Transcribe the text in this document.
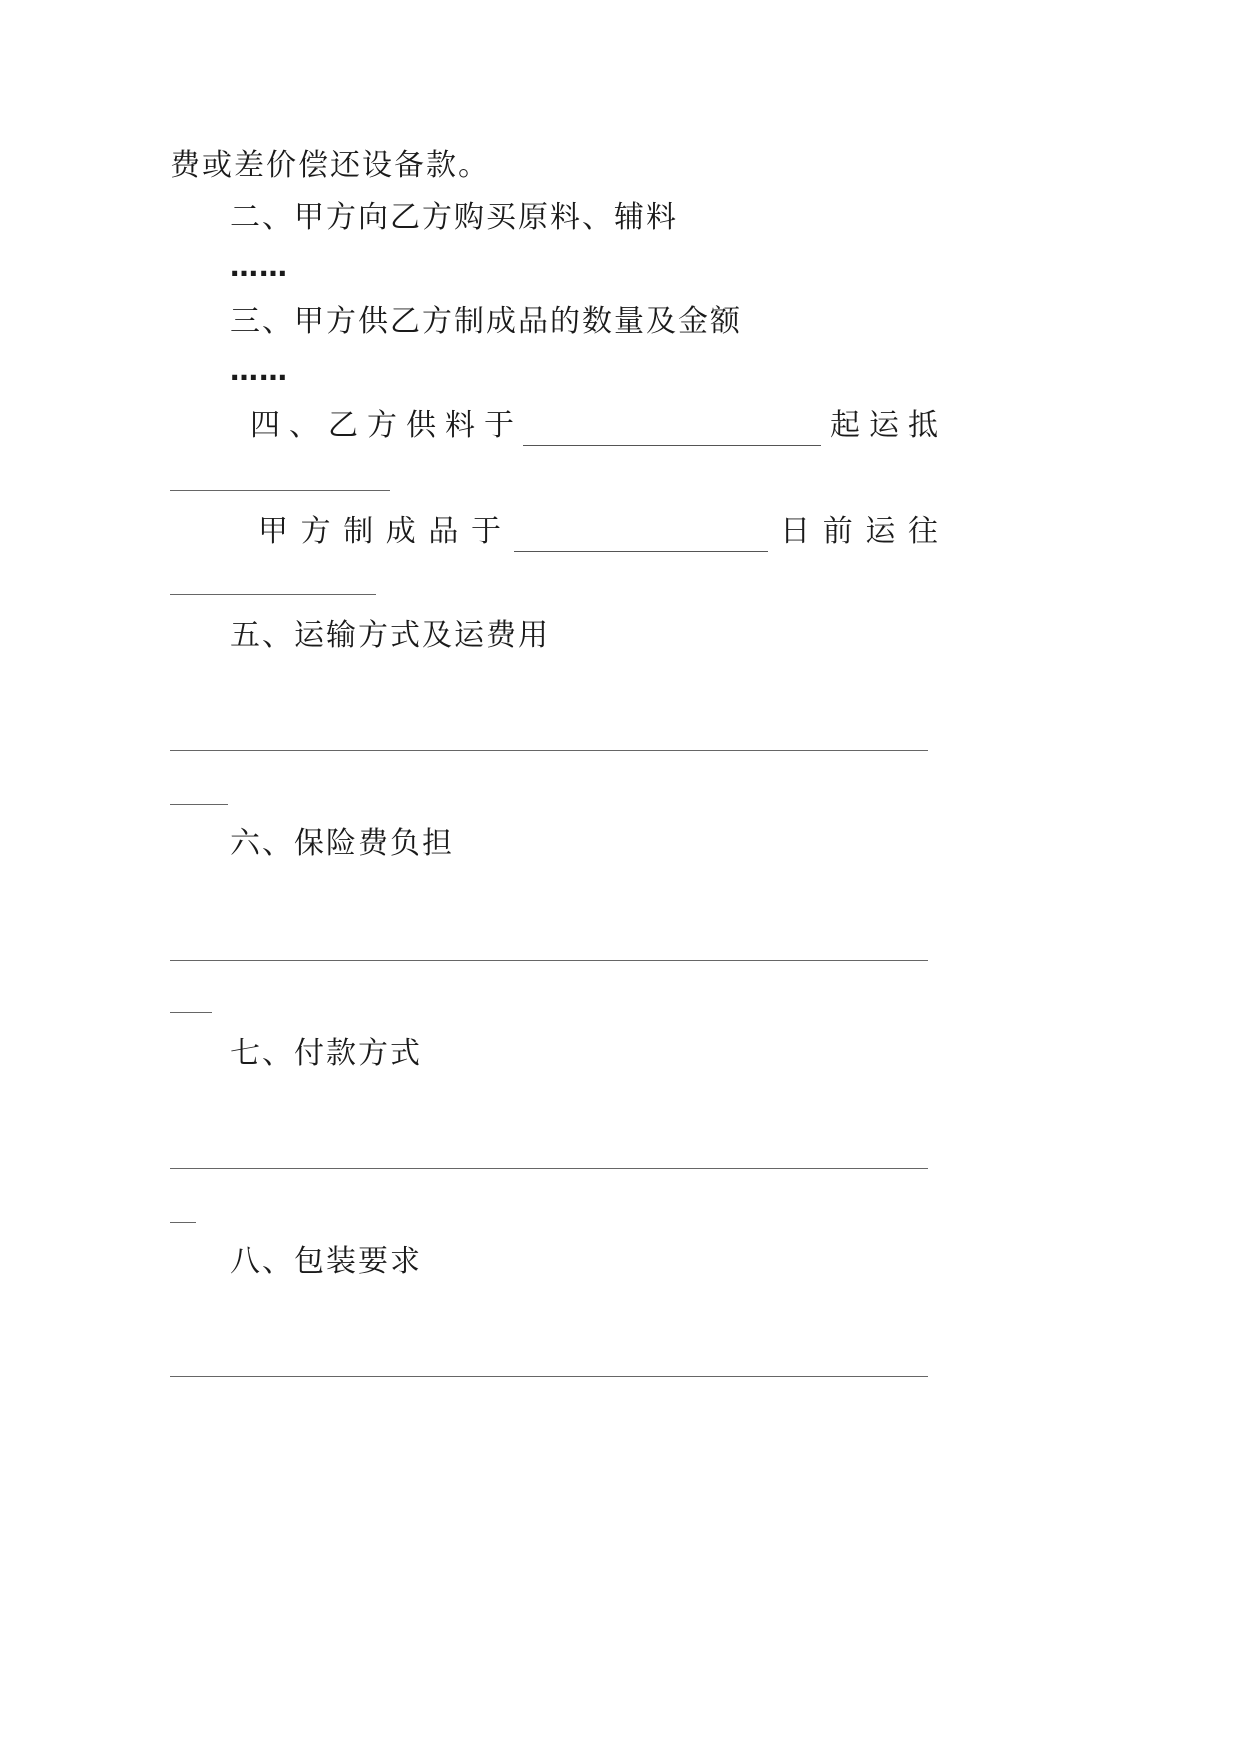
费或差价偿还设备款。
二、甲方向乙方购买原料、辅料
……
三、甲方供乙方制成品的数量及金额
……
四 、 乙 方 供 料 于	起 运 抵
甲 方 制 成 品 于	日 前 运 往
五、运输方式及运费用
六、保险费负担
七、付款方式
八、包装要求
